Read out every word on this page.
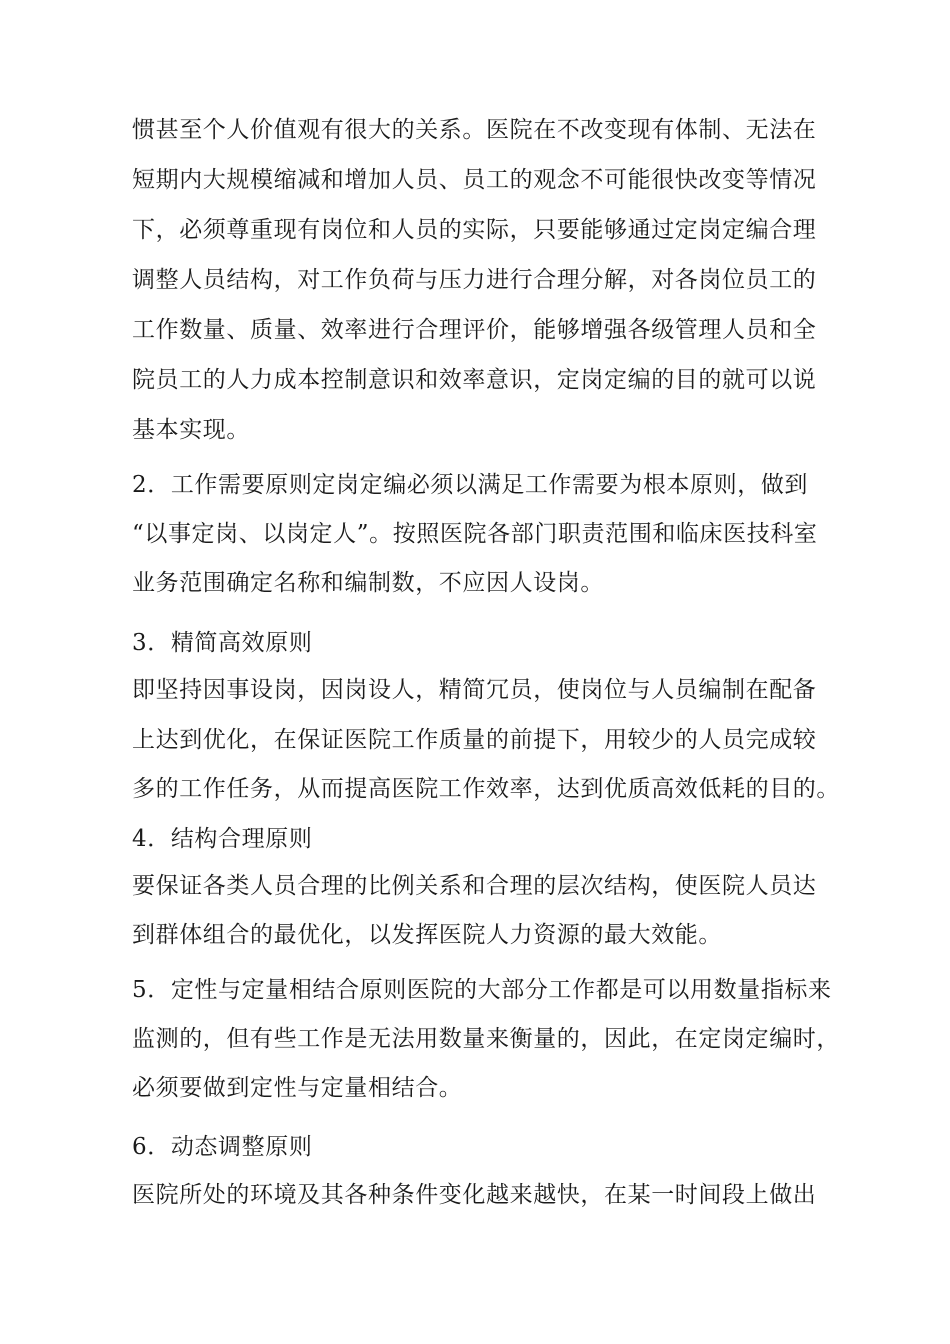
惯甚至个人价值观有很大的关系。医院在不改变现有体制、无法在
短期内大规模缩减和增加人员、员工的观念不可能很快改变等情况
下，必须尊重现有岗位和人员的实际，只要能够通过定岗定编合理
调整人员结构，对工作负荷与压力进行合理分解，对各岗位员工的
工作数量、质量、效率进行合理评价，能够增强各级管理人员和全
院员工的人力成本控制意识和效率意识，定岗定编的目的就可以说
基本实现。
2．工作需要原则定岗定编必须以满足工作需要为根本原则，做到
“以事定岗、以岗定人”。按照医院各部门职责范围和临床医技科室
业务范围确定名称和编制数，不应因人设岗。
3．精简高效原则
即坚持因事设岗，因岗设人，精简冗员，使岗位与人员编制在配备
上达到优化，在保证医院工作质量的前提下，用较少的人员完成较
多的工作任务，从而提高医院工作效率，达到优质高效低耗的目的。
4．结构合理原则
要保证各类人员合理的比例关系和合理的层次结构，使医院人员达
到群体组合的最优化，以发挥医院人力资源的最大效能。
5．定性与定量相结合原则医院的大部分工作都是可以用数量指标来
监测的，但有些工作是无法用数量来衡量的，因此，在定岗定编时，
必须要做到定性与定量相结合。
6．动态调整原则
医院所处的环境及其各种条件变化越来越快，在某一时间段上做出
